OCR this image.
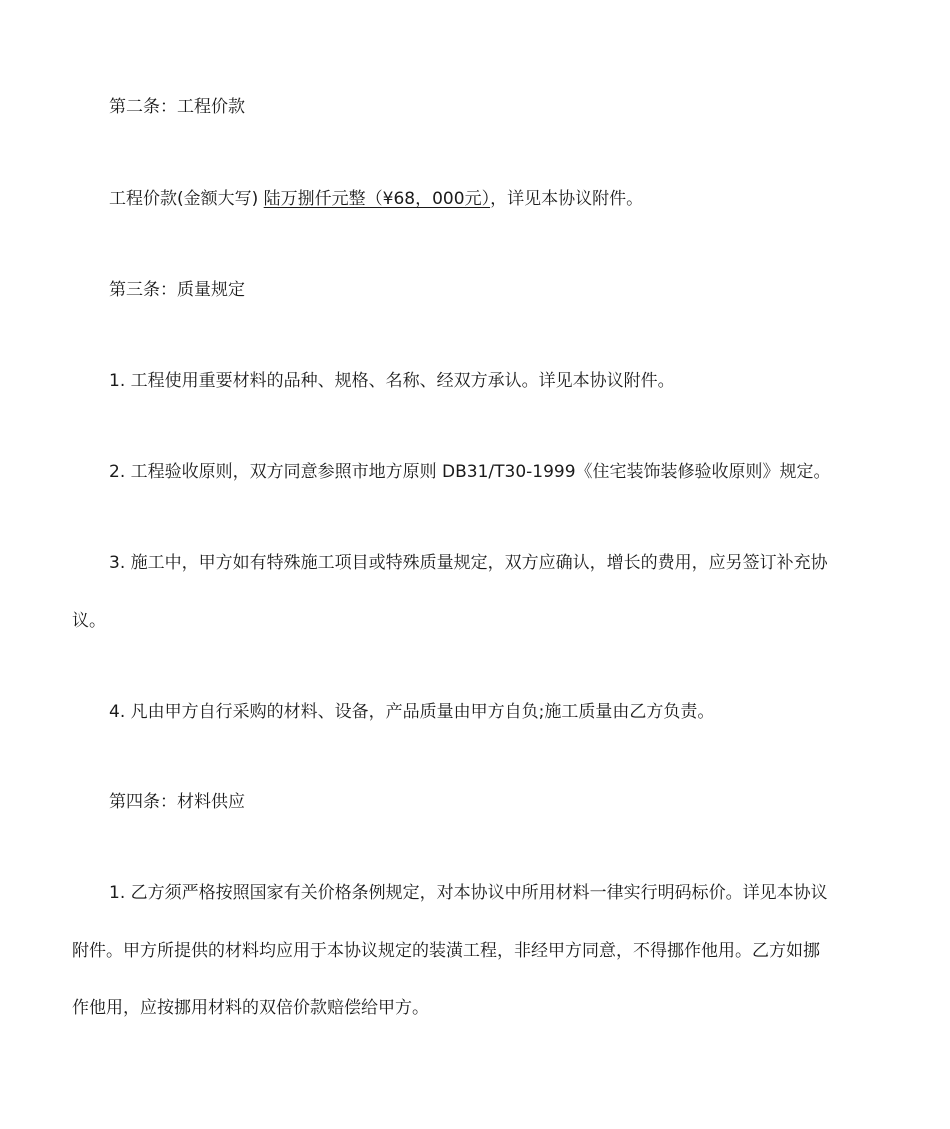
第二条：工程价款
工程价款(金额大写) 陆万捌仟元整（¥68，000元），详见本协议附件。
第三条：质量规定
1. 工程使用重要材料的品种、规格、名称、经双方承认。详见本协议附件。
2. 工程验收原则，双方同意参照市地方原则 DB31/T30-1999《住宅装饰装修验收原则》规定。
3. 施工中，甲方如有特殊施工项目或特殊质量规定，双方应确认，增长的费用，应另签订补充协
议。
4. 凡由甲方自行采购的材料、设备，产品质量由甲方自负;施工质量由乙方负责。
第四条：材料供应
1. 乙方须严格按照国家有关价格条例规定，对本协议中所用材料一律实行明码标价。详见本协议
附件。甲方所提供的材料均应用于本协议规定的装潢工程，非经甲方同意，不得挪作他用。乙方如挪
作他用，应按挪用材料的双倍价款赔偿给甲方。
